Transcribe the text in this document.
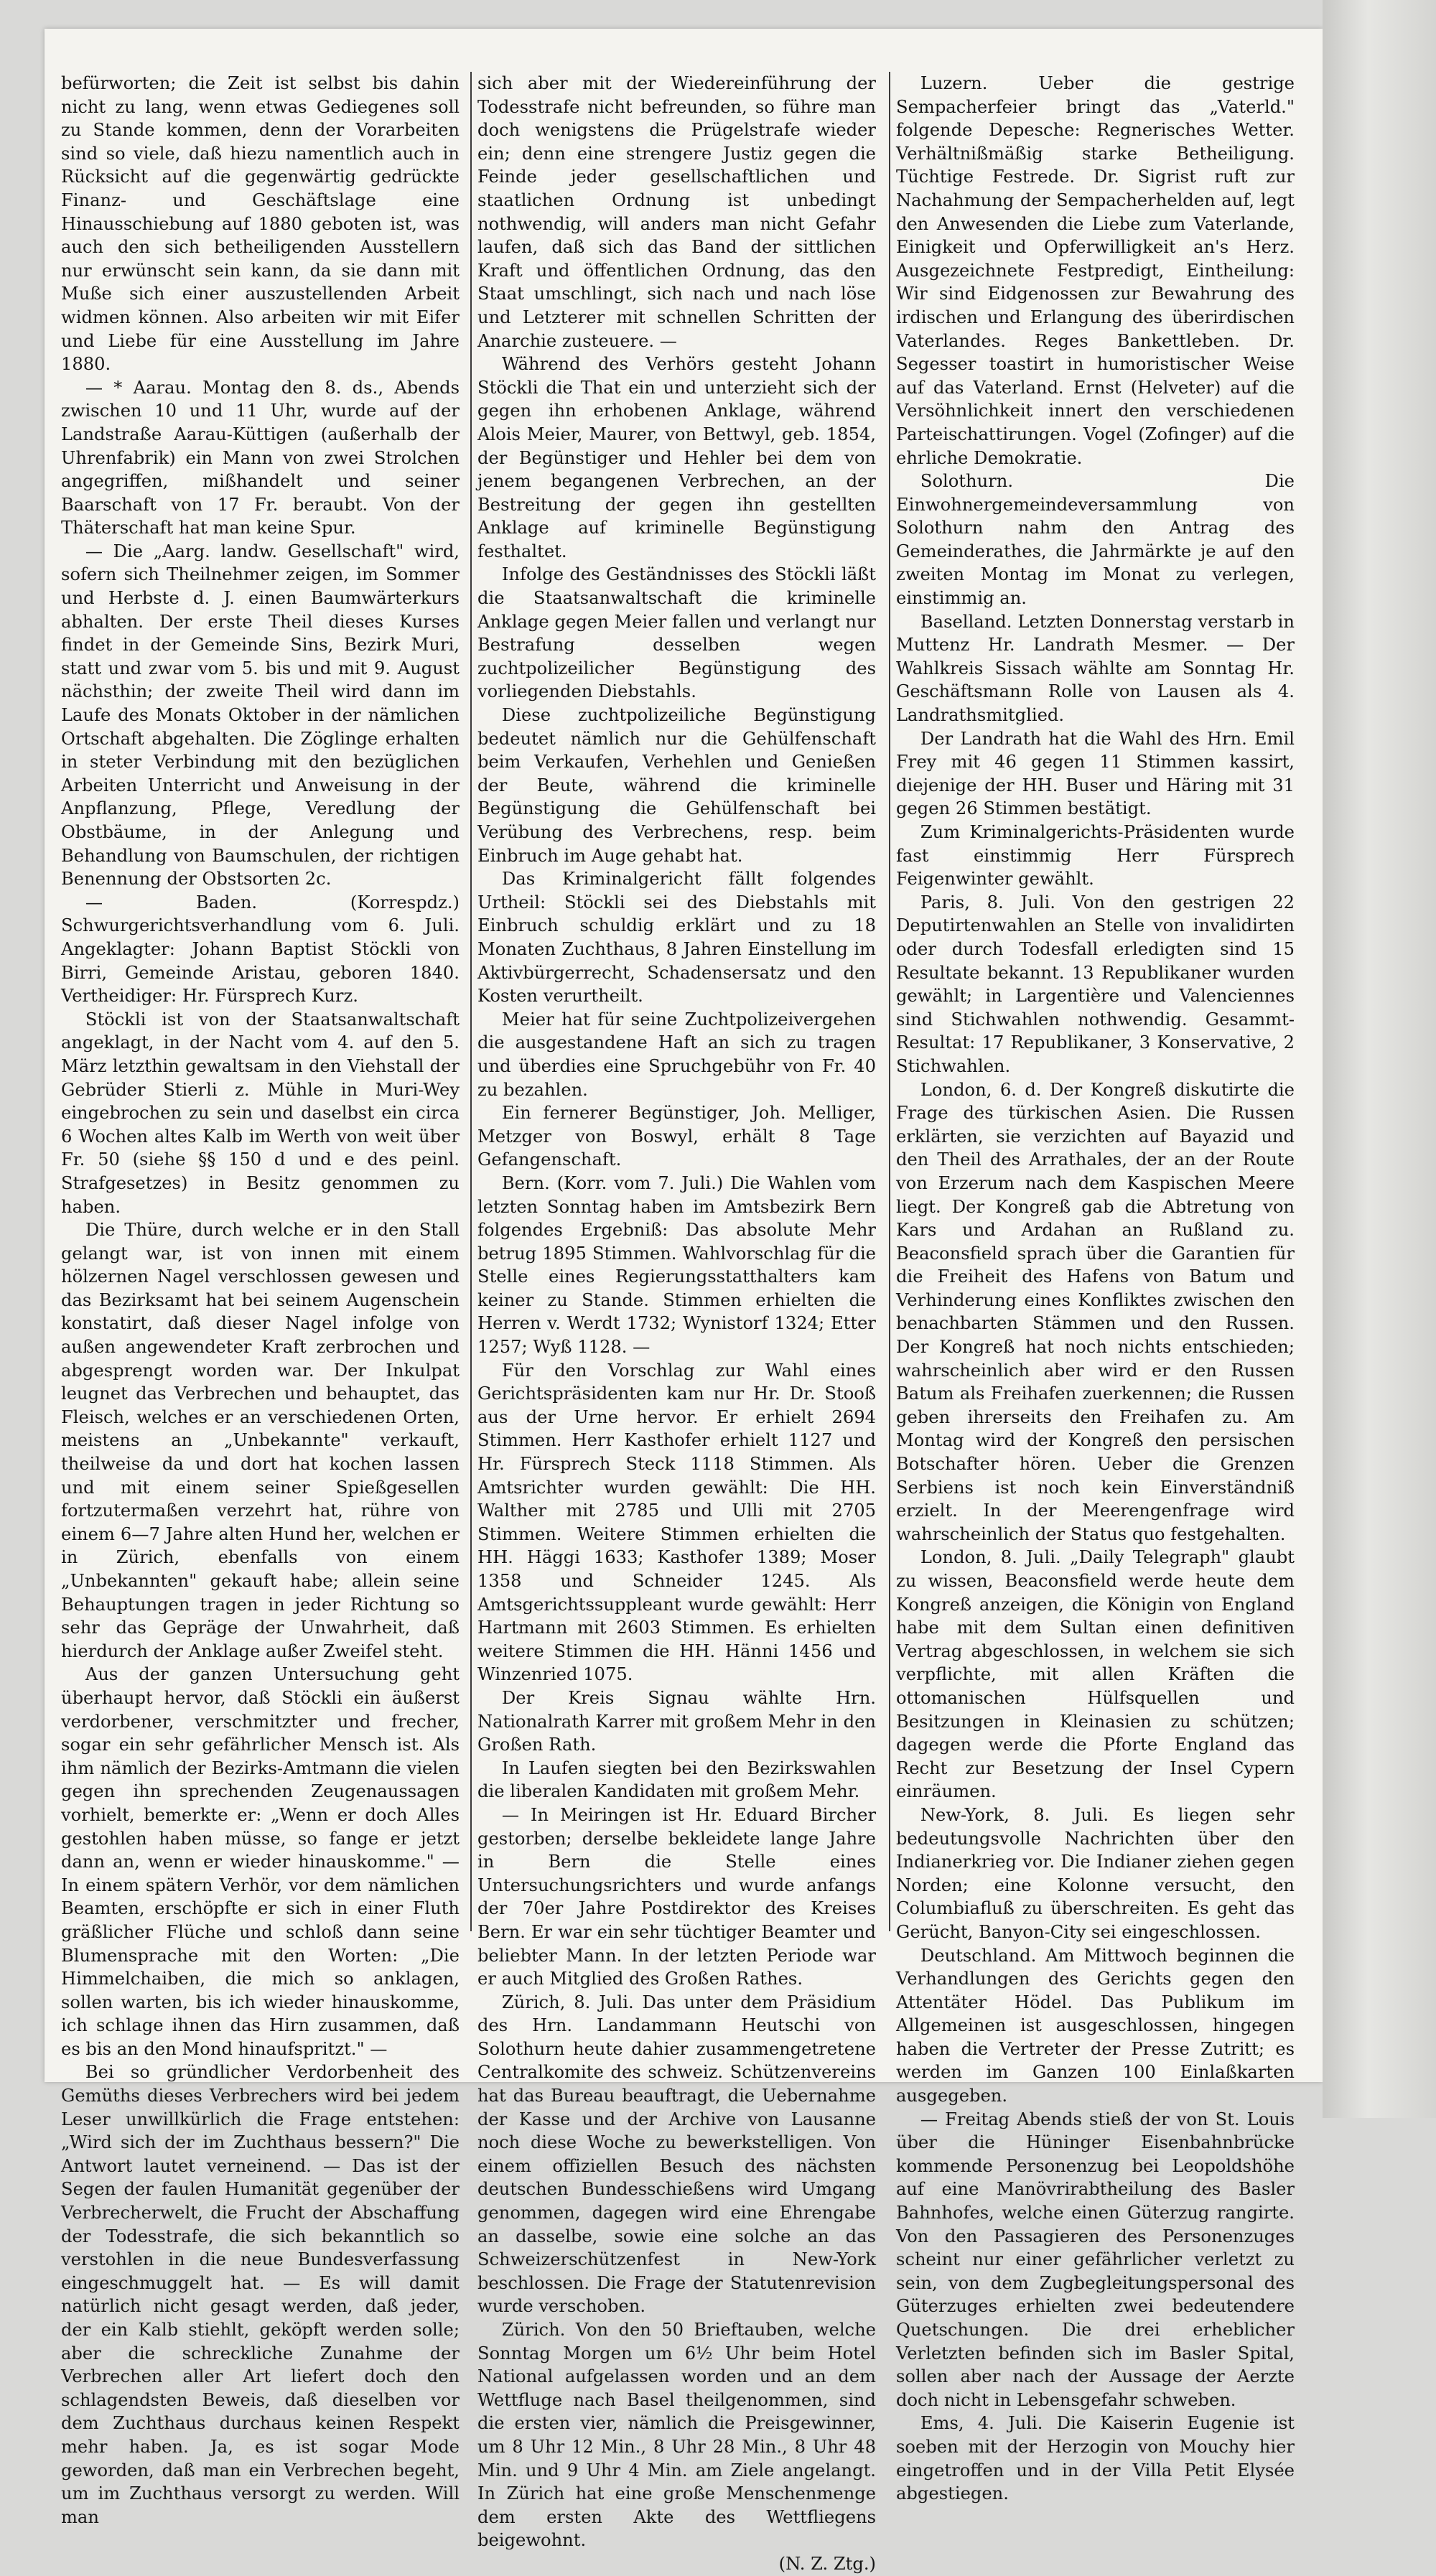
befürworten; die Zeit ist selbst bis dahin nicht zu lang, wenn etwas Gediegenes soll zu Stande kommen, denn der Vorarbeiten sind so viele, daß hiezu namentlich auch in Rücksicht auf die gegenwärtig gedrückte Finanz- und Geschäftslage eine Hinausschiebung auf 1880 geboten ist, was auch den sich betheiligenden Ausstellern nur erwünscht sein kann, da sie dann mit Muße sich einer auszustellenden Arbeit widmen können. Also arbeiten wir mit Eifer und Liebe für eine Ausstellung im Jahre 1880.

— * Aarau. Montag den 8. ds., Abends zwischen 10 und 11 Uhr, wurde auf der Landstraße Aarau-Küttigen (außerhalb der Uhrenfabrik) ein Mann von zwei Strolchen angegriffen, mißhandelt und seiner Baarschaft von 17 Fr. beraubt. Von der Thäterschaft hat man keine Spur.

— Die „Aarg. landw. Gesellschaft" wird, sofern sich Theilnehmer zeigen, im Sommer und Herbste d. J. einen Baumwärterkurs abhalten. Der erste Theil dieses Kurses findet in der Gemeinde Sins, Bezirk Muri, statt und zwar vom 5. bis und mit 9. August nächsthin; der zweite Theil wird dann im Laufe des Monats Oktober in der nämlichen Ortschaft abgehalten. Die Zöglinge erhalten in steter Verbindung mit den bezüglichen Arbeiten Unterricht und Anweisung in der Anpflanzung, Pflege, Veredlung der Obstbäume, in der Anlegung und Behandlung von Baumschulen, der richtigen Benennung der Obstsorten 2c.

— Baden. (Korrespdz.) Schwurgerichtsverhandlung vom 6. Juli. Angeklagter: Johann Baptist Stöckli von Birri, Gemeinde Aristau, geboren 1840. Vertheidiger: Hr. Fürsprech Kurz.

Stöckli ist von der Staatsanwaltschaft angeklagt, in der Nacht vom 4. auf den 5. März letzthin gewaltsam in den Viehstall der Gebrüder Stierli z. Mühle in Muri-Wey eingebrochen zu sein und daselbst ein circa 6 Wochen altes Kalb im Werth von weit über Fr. 50 (siehe §§ 150 d und e des peinl. Strafgesetzes) in Besitz genommen zu haben.

Die Thüre, durch welche er in den Stall gelangt war, ist von innen mit einem hölzernen Nagel verschlossen gewesen und das Bezirksamt hat bei seinem Augenschein konstatirt, daß dieser Nagel infolge von außen angewendeter Kraft zerbrochen und abgesprengt worden war. Der Inkulpat leugnet das Verbrechen und behauptet, das Fleisch, welches er an verschiedenen Orten, meistens an „Unbekannte" verkauft, theilweise da und dort hat kochen lassen und mit einem seiner Spießgesellen fortzutermaßen verzehrt hat, rühre von einem 6—7 Jahre alten Hund her, welchen er in Zürich, ebenfalls von einem „Unbekannten" gekauft habe; allein seine Behauptungen tragen in jeder Richtung so sehr das Gepräge der Unwahrheit, daß hierdurch der Anklage außer Zweifel steht.

Aus der ganzen Untersuchung geht überhaupt hervor, daß Stöckli ein äußerst verdorbener, verschmitzter und frecher, sogar ein sehr gefährlicher Mensch ist. Als ihm nämlich der Bezirks-Amtmann die vielen gegen ihn sprechenden Zeugenaussagen vorhielt, bemerkte er: „Wenn er doch Alles gestohlen haben müsse, so fange er jetzt dann an, wenn er wieder hinauskomme." — In einem spätern Verhör, vor dem nämlichen Beamten, erschöpfte er sich in einer Fluth gräßlicher Flüche und schloß dann seine Blumensprache mit den Worten: „Die Himmelchaiben, die mich so anklagen, sollen warten, bis ich wieder hinauskomme, ich schlage ihnen das Hirn zusammen, daß es bis an den Mond hinaufspritzt." —

Bei so gründlicher Verdorbenheit des Gemüths dieses Verbrechers wird bei jedem Leser unwillkürlich die Frage entstehen: „Wird sich der im Zuchthaus bessern?" Die Antwort lautet verneinend. — Das ist der Segen der faulen Humanität gegenüber der Verbrecherwelt, die Frucht der Abschaffung der Todesstrafe, die sich bekanntlich so verstohlen in die neue Bundesverfassung eingeschmuggelt hat. — Es will damit natürlich nicht gesagt werden, daß jeder, der ein Kalb stiehlt, geköpft werden solle; aber die schreckliche Zunahme der Verbrechen aller Art liefert doch den schlagendsten Beweis, daß dieselben vor dem Zuchthaus durchaus keinen Respekt mehr haben. Ja, es ist sogar Mode geworden, daß man ein Verbrechen begeht, um im Zuchthaus versorgt zu werden. Will man

sich aber mit der Wiedereinführung der Todesstrafe nicht befreunden, so führe man doch wenigstens die Prügelstrafe wieder ein; denn eine strengere Justiz gegen die Feinde jeder gesellschaftlichen und staatlichen Ordnung ist unbedingt nothwendig, will anders man nicht Gefahr laufen, daß sich das Band der sittlichen Kraft und öffentlichen Ordnung, das den Staat umschlingt, sich nach und nach löse und Letzterer mit schnellen Schritten der Anarchie zusteuere. —

Während des Verhörs gesteht Johann Stöckli die That ein und unterzieht sich der gegen ihn erhobenen Anklage, während Alois Meier, Maurer, von Bettwyl, geb. 1854, der Begünstiger und Hehler bei dem von jenem begangenen Verbrechen, an der Bestreitung der gegen ihn gestellten Anklage auf kriminelle Begünstigung festhaltet.

Infolge des Geständnisses des Stöckli läßt die Staatsanwaltschaft die kriminelle Anklage gegen Meier fallen und verlangt nur Bestrafung desselben wegen zuchtpolizeilicher Begünstigung des vorliegenden Diebstahls.

Diese zuchtpolizeiliche Begünstigung bedeutet nämlich nur die Gehülfenschaft beim Verkaufen, Verhehlen und Genießen der Beute, während die kriminelle Begünstigung die Gehülfenschaft bei Verübung des Verbrechens, resp. beim Einbruch im Auge gehabt hat.

Das Kriminalgericht fällt folgendes Urtheil: Stöckli sei des Diebstahls mit Einbruch schuldig erklärt und zu 18 Monaten Zuchthaus, 8 Jahren Einstellung im Aktivbürgerrecht, Schadensersatz und den Kosten verurtheilt.

Meier hat für seine Zuchtpolizeivergehen die ausgestandene Haft an sich zu tragen und überdies eine Spruchgebühr von Fr. 40 zu bezahlen.

Ein fernerer Begünstiger, Joh. Melliger, Metzger von Boswyl, erhält 8 Tage Gefangenschaft.

Bern. (Korr. vom 7. Juli.) Die Wahlen vom letzten Sonntag haben im Amtsbezirk Bern folgendes Ergebniß: Das absolute Mehr betrug 1895 Stimmen. Wahlvorschlag für die Stelle eines Regierungsstatthalters kam keiner zu Stande. Stimmen erhielten die Herren v. Werdt 1732; Wynistorf 1324; Etter 1257; Wyß 1128. —

Für den Vorschlag zur Wahl eines Gerichtspräsidenten kam nur Hr. Dr. Stooß aus der Urne hervor. Er erhielt 2694 Stimmen. Herr Kasthofer erhielt 1127 und Hr. Fürsprech Steck 1118 Stimmen. Als Amtsrichter wurden gewählt: Die HH. Walther mit 2785 und Ulli mit 2705 Stimmen. Weitere Stimmen erhielten die HH. Häggi 1633; Kasthofer 1389; Moser 1358 und Schneider 1245. Als Amtsgerichtssuppleant wurde gewählt: Herr Hartmann mit 2603 Stimmen. Es erhielten weitere Stimmen die HH. Hänni 1456 und Winzenried 1075.

Der Kreis Signau wählte Hrn. Nationalrath Karrer mit großem Mehr in den Großen Rath.

In Laufen siegten bei den Bezirkswahlen die liberalen Kandidaten mit großem Mehr.

— In Meiringen ist Hr. Eduard Bircher gestorben; derselbe bekleidete lange Jahre in Bern die Stelle eines Untersuchungsrichters und wurde anfangs der 70er Jahre Postdirektor des Kreises Bern. Er war ein sehr tüchtiger Beamter und beliebter Mann. In der letzten Periode war er auch Mitglied des Großen Rathes.

Zürich, 8. Juli. Das unter dem Präsidium des Hrn. Landammann Heutschi von Solothurn heute dahier zusammengetretene Centralkomite des schweiz. Schützenvereins hat das Bureau beauftragt, die Uebernahme der Kasse und der Archive von Lausanne noch diese Woche zu bewerkstelligen. Von einem offiziellen Besuch des nächsten deutschen Bundesschießens wird Umgang genommen, dagegen wird eine Ehrengabe an dasselbe, sowie eine solche an das Schweizerschützenfest in New-York beschlossen. Die Frage der Statutenrevision wurde verschoben.

Zürich. Von den 50 Brieftauben, welche Sonntag Morgen um 6½ Uhr beim Hotel National aufgelassen worden und an dem Wettfluge nach Basel theilgenommen, sind die ersten vier, nämlich die Preisgewinner, um 8 Uhr 12 Min., 8 Uhr 28 Min., 8 Uhr 48 Min. und 9 Uhr 4 Min. am Ziele angelangt. In Zürich hat eine große Menschenmenge dem ersten Akte des Wettfliegens beigewohnt.

(N. Z. Ztg.)

Luzern. Ueber die gestrige Sempacherfeier bringt das „Vaterld." folgende Depesche: Regnerisches Wetter. Verhältnißmäßig starke Betheiligung. Tüchtige Festrede. Dr. Sigrist ruft zur Nachahmung der Sempacherhelden auf, legt den Anwesenden die Liebe zum Vaterlande, Einigkeit und Opferwilligkeit an's Herz. Ausgezeichnete Festpredigt, Eintheilung: Wir sind Eidgenossen zur Bewahrung des irdischen und Erlangung des überirdischen Vaterlandes. Reges Bankettleben. Dr. Segesser toastirt in humoristischer Weise auf das Vaterland. Ernst (Helveter) auf die Versöhnlichkeit innert den verschiedenen Parteischattirungen. Vogel (Zofinger) auf die ehrliche Demokratie.

Solothurn. Die Einwohnergemeindeversammlung von Solothurn nahm den Antrag des Gemeinderathes, die Jahrmärkte je auf den zweiten Montag im Monat zu verlegen, einstimmig an.

Baselland. Letzten Donnerstag verstarb in Muttenz Hr. Landrath Mesmer. — Der Wahlkreis Sissach wählte am Sonntag Hr. Geschäftsmann Rolle von Lausen als 4. Landrathsmitglied.

Der Landrath hat die Wahl des Hrn. Emil Frey mit 46 gegen 11 Stimmen kassirt, diejenige der HH. Buser und Häring mit 31 gegen 26 Stimmen bestätigt.

Zum Kriminalgerichts-Präsidenten wurde fast einstimmig Herr Fürsprech Feigenwinter gewählt.

Paris, 8. Juli. Von den gestrigen 22 Deputirtenwahlen an Stelle von invalidirten oder durch Todesfall erledigten sind 15 Resultate bekannt. 13 Republikaner wurden gewählt; in Largentière und Valenciennes sind Stichwahlen nothwendig. Gesammt-Resultat: 17 Republikaner, 3 Konservative, 2 Stichwahlen.

London, 6. d. Der Kongreß diskutirte die Frage des türkischen Asien. Die Russen erklärten, sie verzichten auf Bayazid und den Theil des Arrathales, der an der Route von Erzerum nach dem Kaspischen Meere liegt. Der Kongreß gab die Abtretung von Kars und Ardahan an Rußland zu. Beaconsfield sprach über die Garantien für die Freiheit des Hafens von Batum und Verhinderung eines Konfliktes zwischen den benachbarten Stämmen und den Russen. Der Kongreß hat noch nichts entschieden; wahrscheinlich aber wird er den Russen Batum als Freihafen zuerkennen; die Russen geben ihrerseits den Freihafen zu. Am Montag wird der Kongreß den persischen Botschafter hören. Ueber die Grenzen Serbiens ist noch kein Einverständniß erzielt. In der Meerengenfrage wird wahrscheinlich der Status quo festgehalten.

London, 8. Juli. „Daily Telegraph" glaubt zu wissen, Beaconsfield werde heute dem Kongreß anzeigen, die Königin von England habe mit dem Sultan einen definitiven Vertrag abgeschlossen, in welchem sie sich verpflichte, mit allen Kräften die ottomanischen Hülfsquellen und Besitzungen in Kleinasien zu schützen; dagegen werde die Pforte England das Recht zur Besetzung der Insel Cypern einräumen.

New-York, 8. Juli. Es liegen sehr bedeutungsvolle Nachrichten über den Indianerkrieg vor. Die Indianer ziehen gegen Norden; eine Kolonne versucht, den Columbiafluß zu überschreiten. Es geht das Gerücht, Banyon-City sei eingeschlossen.

Deutschland. Am Mittwoch beginnen die Verhandlungen des Gerichts gegen den Attentäter Hödel. Das Publikum im Allgemeinen ist ausgeschlossen, hingegen haben die Vertreter der Presse Zutritt; es werden im Ganzen 100 Einlaßkarten ausgegeben.

— Freitag Abends stieß der von St. Louis über die Hüninger Eisenbahnbrücke kommende Personenzug bei Leopoldshöhe auf eine Manövrirabtheilung des Basler Bahnhofes, welche einen Güterzug rangirte. Von den Passagieren des Personenzuges scheint nur einer gefährlicher verletzt zu sein, von dem Zugbegleitungspersonal des Güterzuges erhielten zwei bedeutendere Quetschungen. Die drei erheblicher Verletzten befinden sich im Basler Spital, sollen aber nach der Aussage der Aerzte doch nicht in Lebensgefahr schweben.

Ems, 4. Juli. Die Kaiserin Eugenie ist soeben mit der Herzogin von Mouchy hier eingetroffen und in der Villa Petit Elysée abgestiegen.
